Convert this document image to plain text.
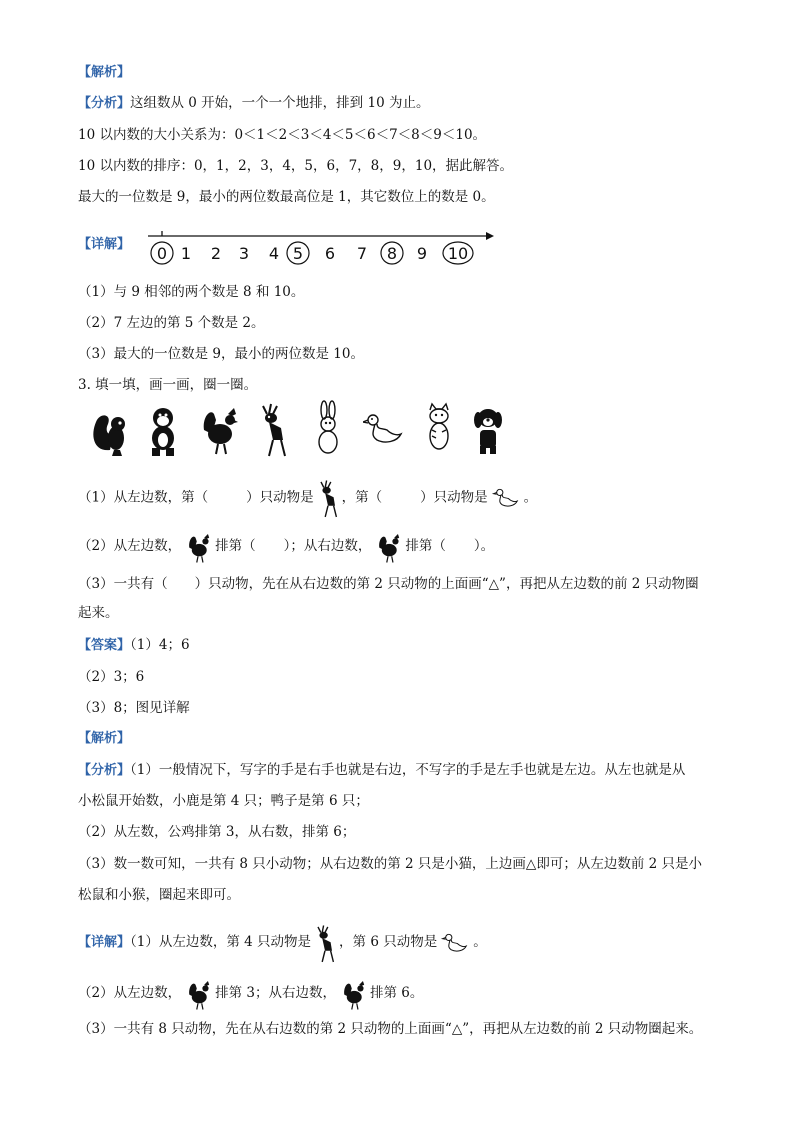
【解析】
【分析】这组数从 0 开始，一个一个地排，排到 10 为止。
10 以内数的大小关系为：0＜1＜2＜3＜4＜5＜6＜7＜8＜9＜10。
10 以内数的排序：0，1，2，3，4，5，6，7，8，9，10，据此解答。
最大的一位数是 9，最小的两位数最高位是 1，其它数位上的数是 0。
【详解】 0 1 2 3 4 5 6 7 8 9 10
（1）与 9 相邻的两个数是 8 和 10。
（2）7 左边的第 5 个数是 2。
（3）最大的一位数是 9，最小的两位数是 10。
3. 填一填，画一画，圈一圈。
（1）从左边数，第（	）只动物是 ，第（	）只动物是	。
（2）从左边数，	排第（ ）；从右边数，	排第（ ）。
（3）一共有（　　）只动物，先在从右边数的第 2 只动物的上面画“△”，再把从左边数的前 2 只动物圈
起来。
【答案】（1）4；6
（2）3；6
（3）8；图见详解
【解析】
【分析】（1）一般情况下，写字的手是右手也就是右边，不写字的手是左手也就是左边。从左也就是从
小松鼠开始数，小鹿是第 4 只；鸭子是第 6 只；
（2）从左数，公鸡排第 3，从右数，排第 6；
（3）数一数可知，一共有 8 只小动物；从右边数的第 2 只是小猫，上边画△即可；从左边数前 2 只是小
松鼠和小猴，圈起来即可。
【详解】（1）从左边数，第 4 只动物是 ，第 6 只动物是	。
（2）从左边数，	排第 3；从右边数，	排第 6。
（3）一共有 8 只动物，先在从右边数的第 2 只动物的上面画“△”，再把从左边数的前 2 只动物圈起来。
